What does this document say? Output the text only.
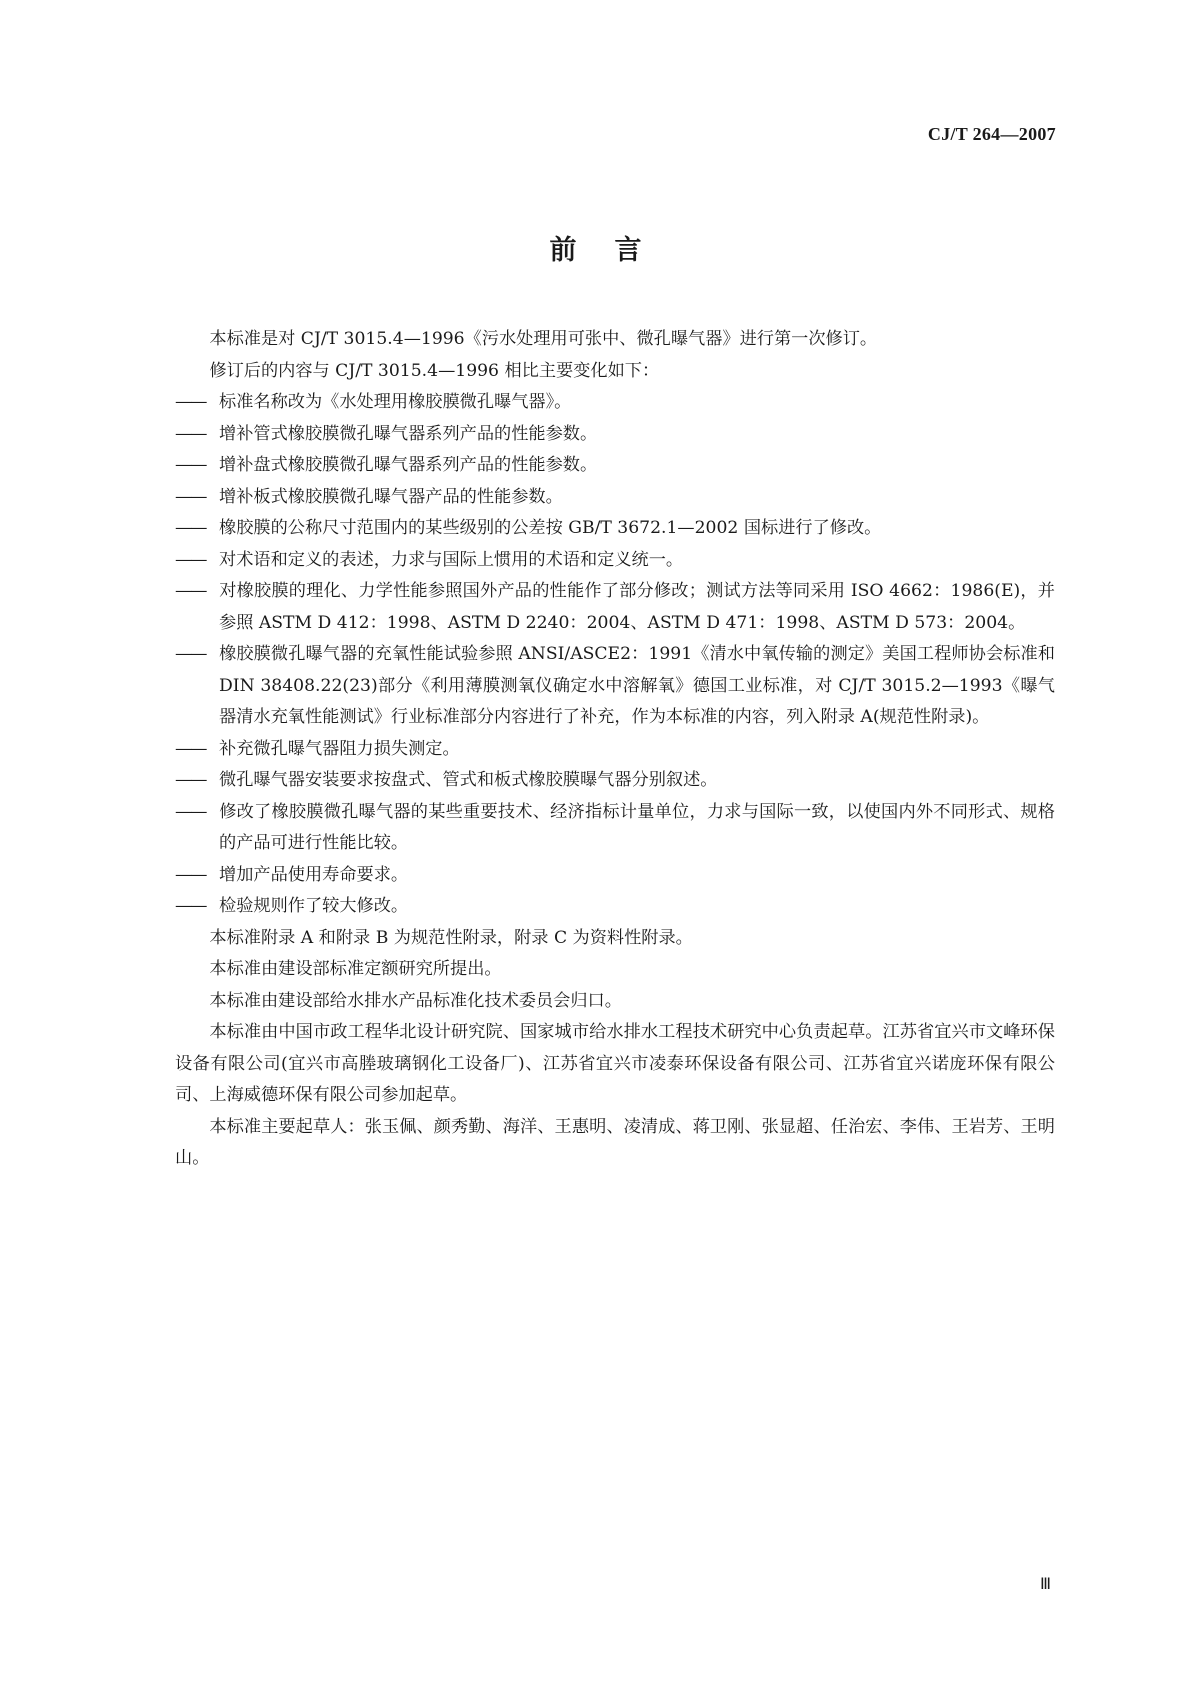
CJ/T 264—2007
前言

本标准是对 CJ/T 3015.4—1996《污水处理用可张中、微孔曝气器》进行第一次修订。

修订后的内容与 CJ/T 3015.4—1996 相比主要变化如下：

—— 标准名称改为《水处理用橡胶膜微孔曝气器》。

—— 增补管式橡胶膜微孔曝气器系列产品的性能参数。

—— 增补盘式橡胶膜微孔曝气器系列产品的性能参数。

—— 增补板式橡胶膜微孔曝气器产品的性能参数。

—— 橡胶膜的公称尺寸范围内的某些级别的公差按 GB/T 3672.1—2002 国标进行了修改。

—— 对术语和定义的表述，力求与国际上惯用的术语和定义统一。

—— 对橡胶膜的理化、力学性能参照国外产品的性能作了部分修改；测试方法等同采用 ISO 4662：1986(E)，并参照 ASTM D 412：1998、ASTM D 2240：2004、ASTM D 471：1998、ASTM D 573：2004。

—— 橡胶膜微孔曝气器的充氧性能试验参照 ANSI/ASCE2：1991《清水中氧传输的测定》美国工程师协会标准和 DIN 38408.22(23)部分《利用薄膜测氧仪确定水中溶解氧》德国工业标准，对 CJ/T 3015.2—1993《曝气器清水充氧性能测试》行业标准部分内容进行了补充，作为本标准的内容，列入附录 A(规范性附录)。

—— 补充微孔曝气器阻力损失测定。

—— 微孔曝气器安装要求按盘式、管式和板式橡胶膜曝气器分别叙述。

—— 修改了橡胶膜微孔曝气器的某些重要技术、经济指标计量单位，力求与国际一致，以使国内外不同形式、规格的产品可进行性能比较。

—— 增加产品使用寿命要求。

—— 检验规则作了较大修改。

本标准附录 A 和附录 B 为规范性附录，附录 C 为资料性附录。

本标准由建设部标准定额研究所提出。

本标准由建设部给水排水产品标准化技术委员会归口。

本标准由中国市政工程华北设计研究院、国家城市给水排水工程技术研究中心负责起草。江苏省宜兴市文峰环保设备有限公司(宜兴市高塍玻璃钢化工设备厂)、江苏省宜兴市凌泰环保设备有限公司、江苏省宜兴诺庞环保有限公司、上海威德环保有限公司参加起草。

本标准主要起草人：张玉佩、颜秀勤、海洋、王惠明、凌清成、蒋卫刚、张显超、任治宏、李伟、王岩芳、王明山。

Ⅲ
